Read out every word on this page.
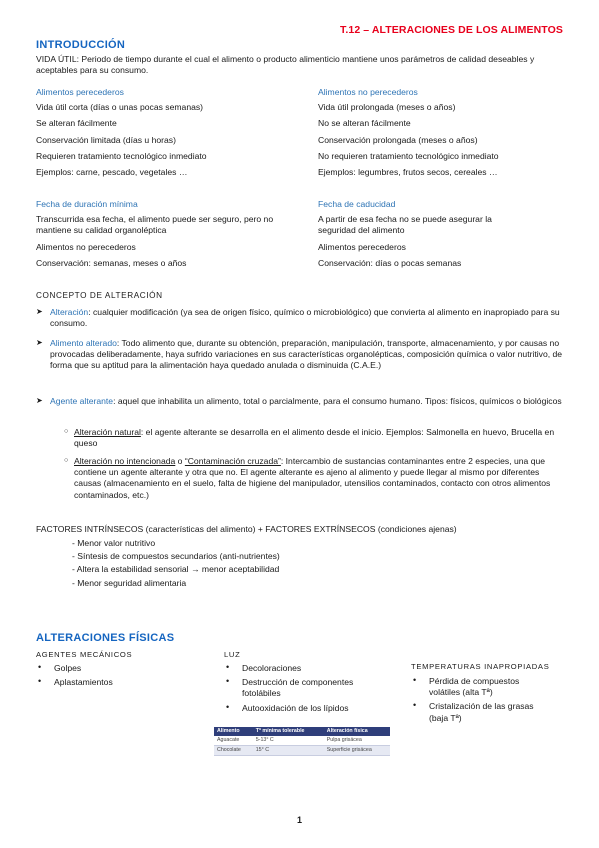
T.12 – ALTERACIONES DE LOS ALIMENTOS
INTRODUCCIÓN
VIDA ÚTIL: Periodo de tiempo durante el cual el alimento o producto alimenticio mantiene unos parámetros de calidad deseables y aceptables para su consumo.
Alimentos perecederos
Vida útil corta (días o unas pocas semanas)
Se alteran fácilmente
Conservación limitada (días u horas)
Requieren tratamiento tecnológico inmediato
Ejemplos: carne, pescado, vegetales …
Alimentos no perecederos
Vida útil prolongada (meses o años)
No se alteran fácilmente
Conservación prolongada (meses o años)
No requieren tratamiento tecnológico inmediato
Ejemplos: legumbres, frutos secos, cereales …
Fecha de duración mínima
Transcurrida esa fecha, el alimento puede ser seguro, pero no mantiene su calidad organoléptica
Alimentos no perecederos
Conservación: semanas, meses o años
Fecha de caducidad
A partir de esa fecha no se puede asegurar la seguridad del alimento
Alimentos perecederos
Conservación: días o pocas semanas
CONCEPTO DE ALTERACIÓN
➤ Alteración: cualquier modificación (ya sea de origen físico, químico o microbiológico) que convierta al alimento en inapropiado para su consumo.
➤ Alimento alterado: Todo alimento que, durante su obtención, preparación, manipulación, transporte, almacenamiento, y por causas no provocadas deliberadamente, haya sufrido variaciones en sus características organolépticas, composición química o valor nutritivo, de forma que su aptitud para la alimentación haya quedado anulada o disminuida (C.A.E.)
➤ Agente alterante: aquel que inhabilita un alimento, total o parcialmente, para el consumo humano. Tipos: físicos, químicos o biológicos
○ Alteración natural: el agente alterante se desarrolla en el alimento desde el inicio. Ejemplos: Salmonella en huevo, Brucella en queso
○ Alteración no intencionada o “Contaminación cruzada”: Intercambio de sustancias contaminantes entre 2 especies, una que contiene un agente alterante y otra que no. El agente alterante es ajeno al alimento y puede llegar al mismo por diferentes causas (almacenamiento en el suelo, falta de higiene del manipulador, utensilios contaminados, contacto con otros alimentos contaminados, etc.)
FACTORES INTRÍNSECOS (características del alimento) + FACTORES EXTRÍNSECOS (condiciones ajenas)
- Menor valor nutritivo
- Síntesis de compuestos secundarios (anti-nutrientes)
- Altera la estabilidad sensorial → menor aceptabilidad
- Menor seguridad alimentaria
ALTERACIONES FÍSICAS
AGENTES MECÁNICOS
•	Golpes
•	Aplastamientos
LUZ
•	Decoloraciones
•	Destrucción de componentes fotolábiles
•	Autooxidación de los lípidos
TEMPERATURAS INAPROPIADAS
•	Pérdida de compuestos volátiles (alta Tª)
•	Cristalización de las grasas (baja Tª)
Alimento	Tª mínima tolerable	Alteración física
Aguacate	5-13° C	Pulpa grisácea
Chocolate	15° C	Superficie grisácea
1
